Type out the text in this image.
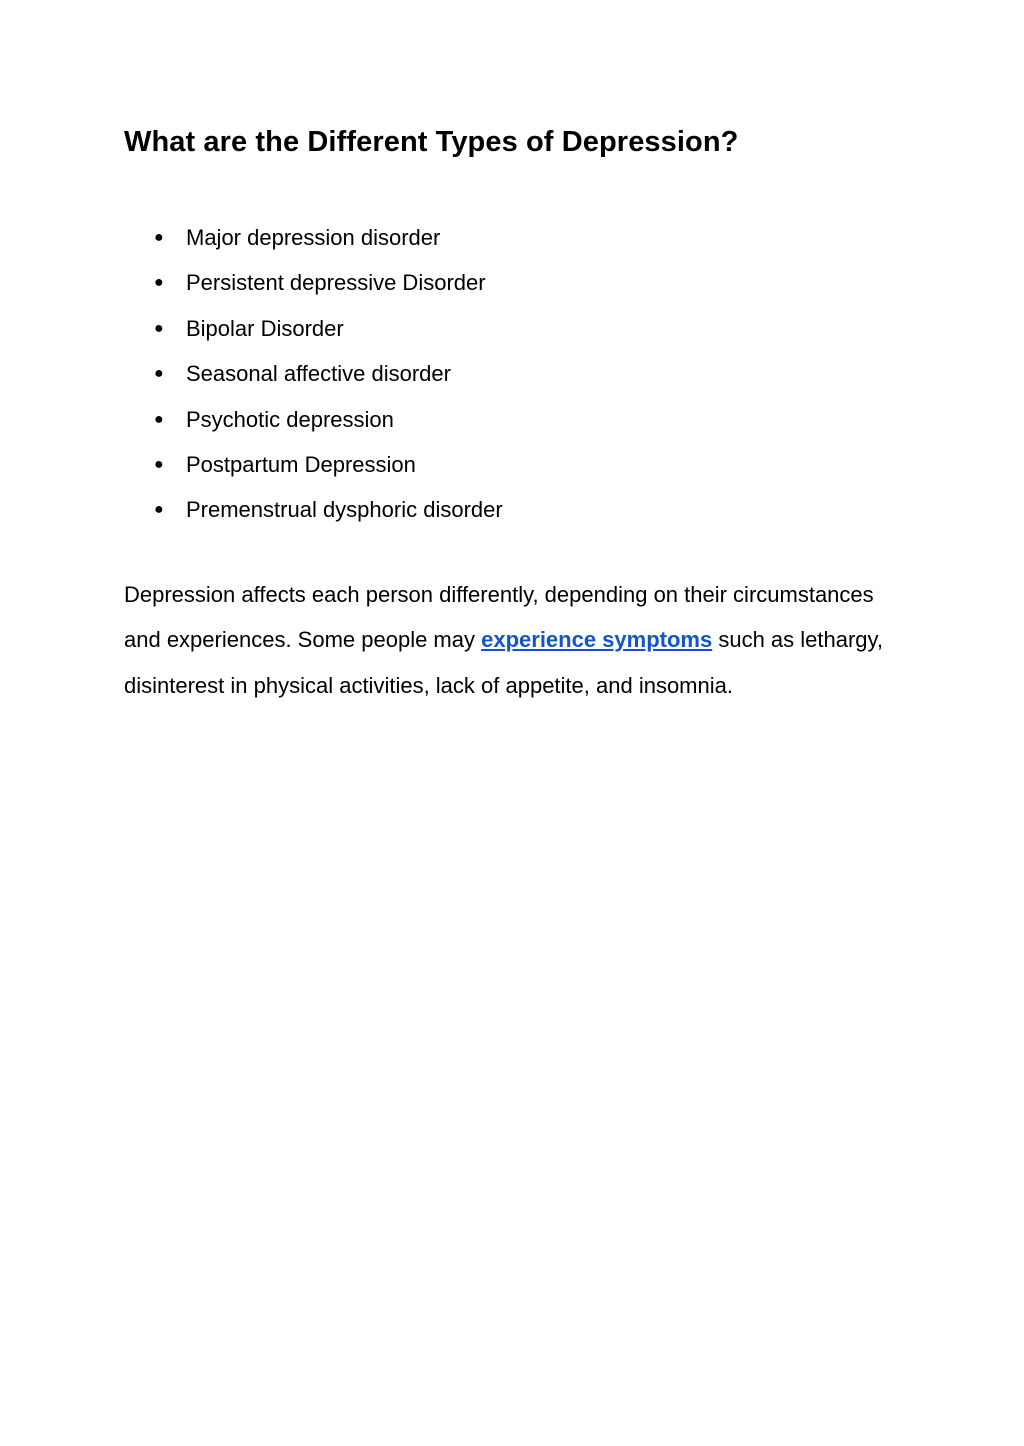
What are the Different Types of Depression?
● Major depression disorder
● Persistent depressive Disorder
● Bipolar Disorder
● Seasonal affective disorder
● Psychotic depression
● Postpartum Depression
● Premenstrual dysphoric disorder

Depression affects each person differently, depending on their circumstances and experiences. Some people may experience symptoms such as lethargy, disinterest in physical activities, lack of appetite, and insomnia.
